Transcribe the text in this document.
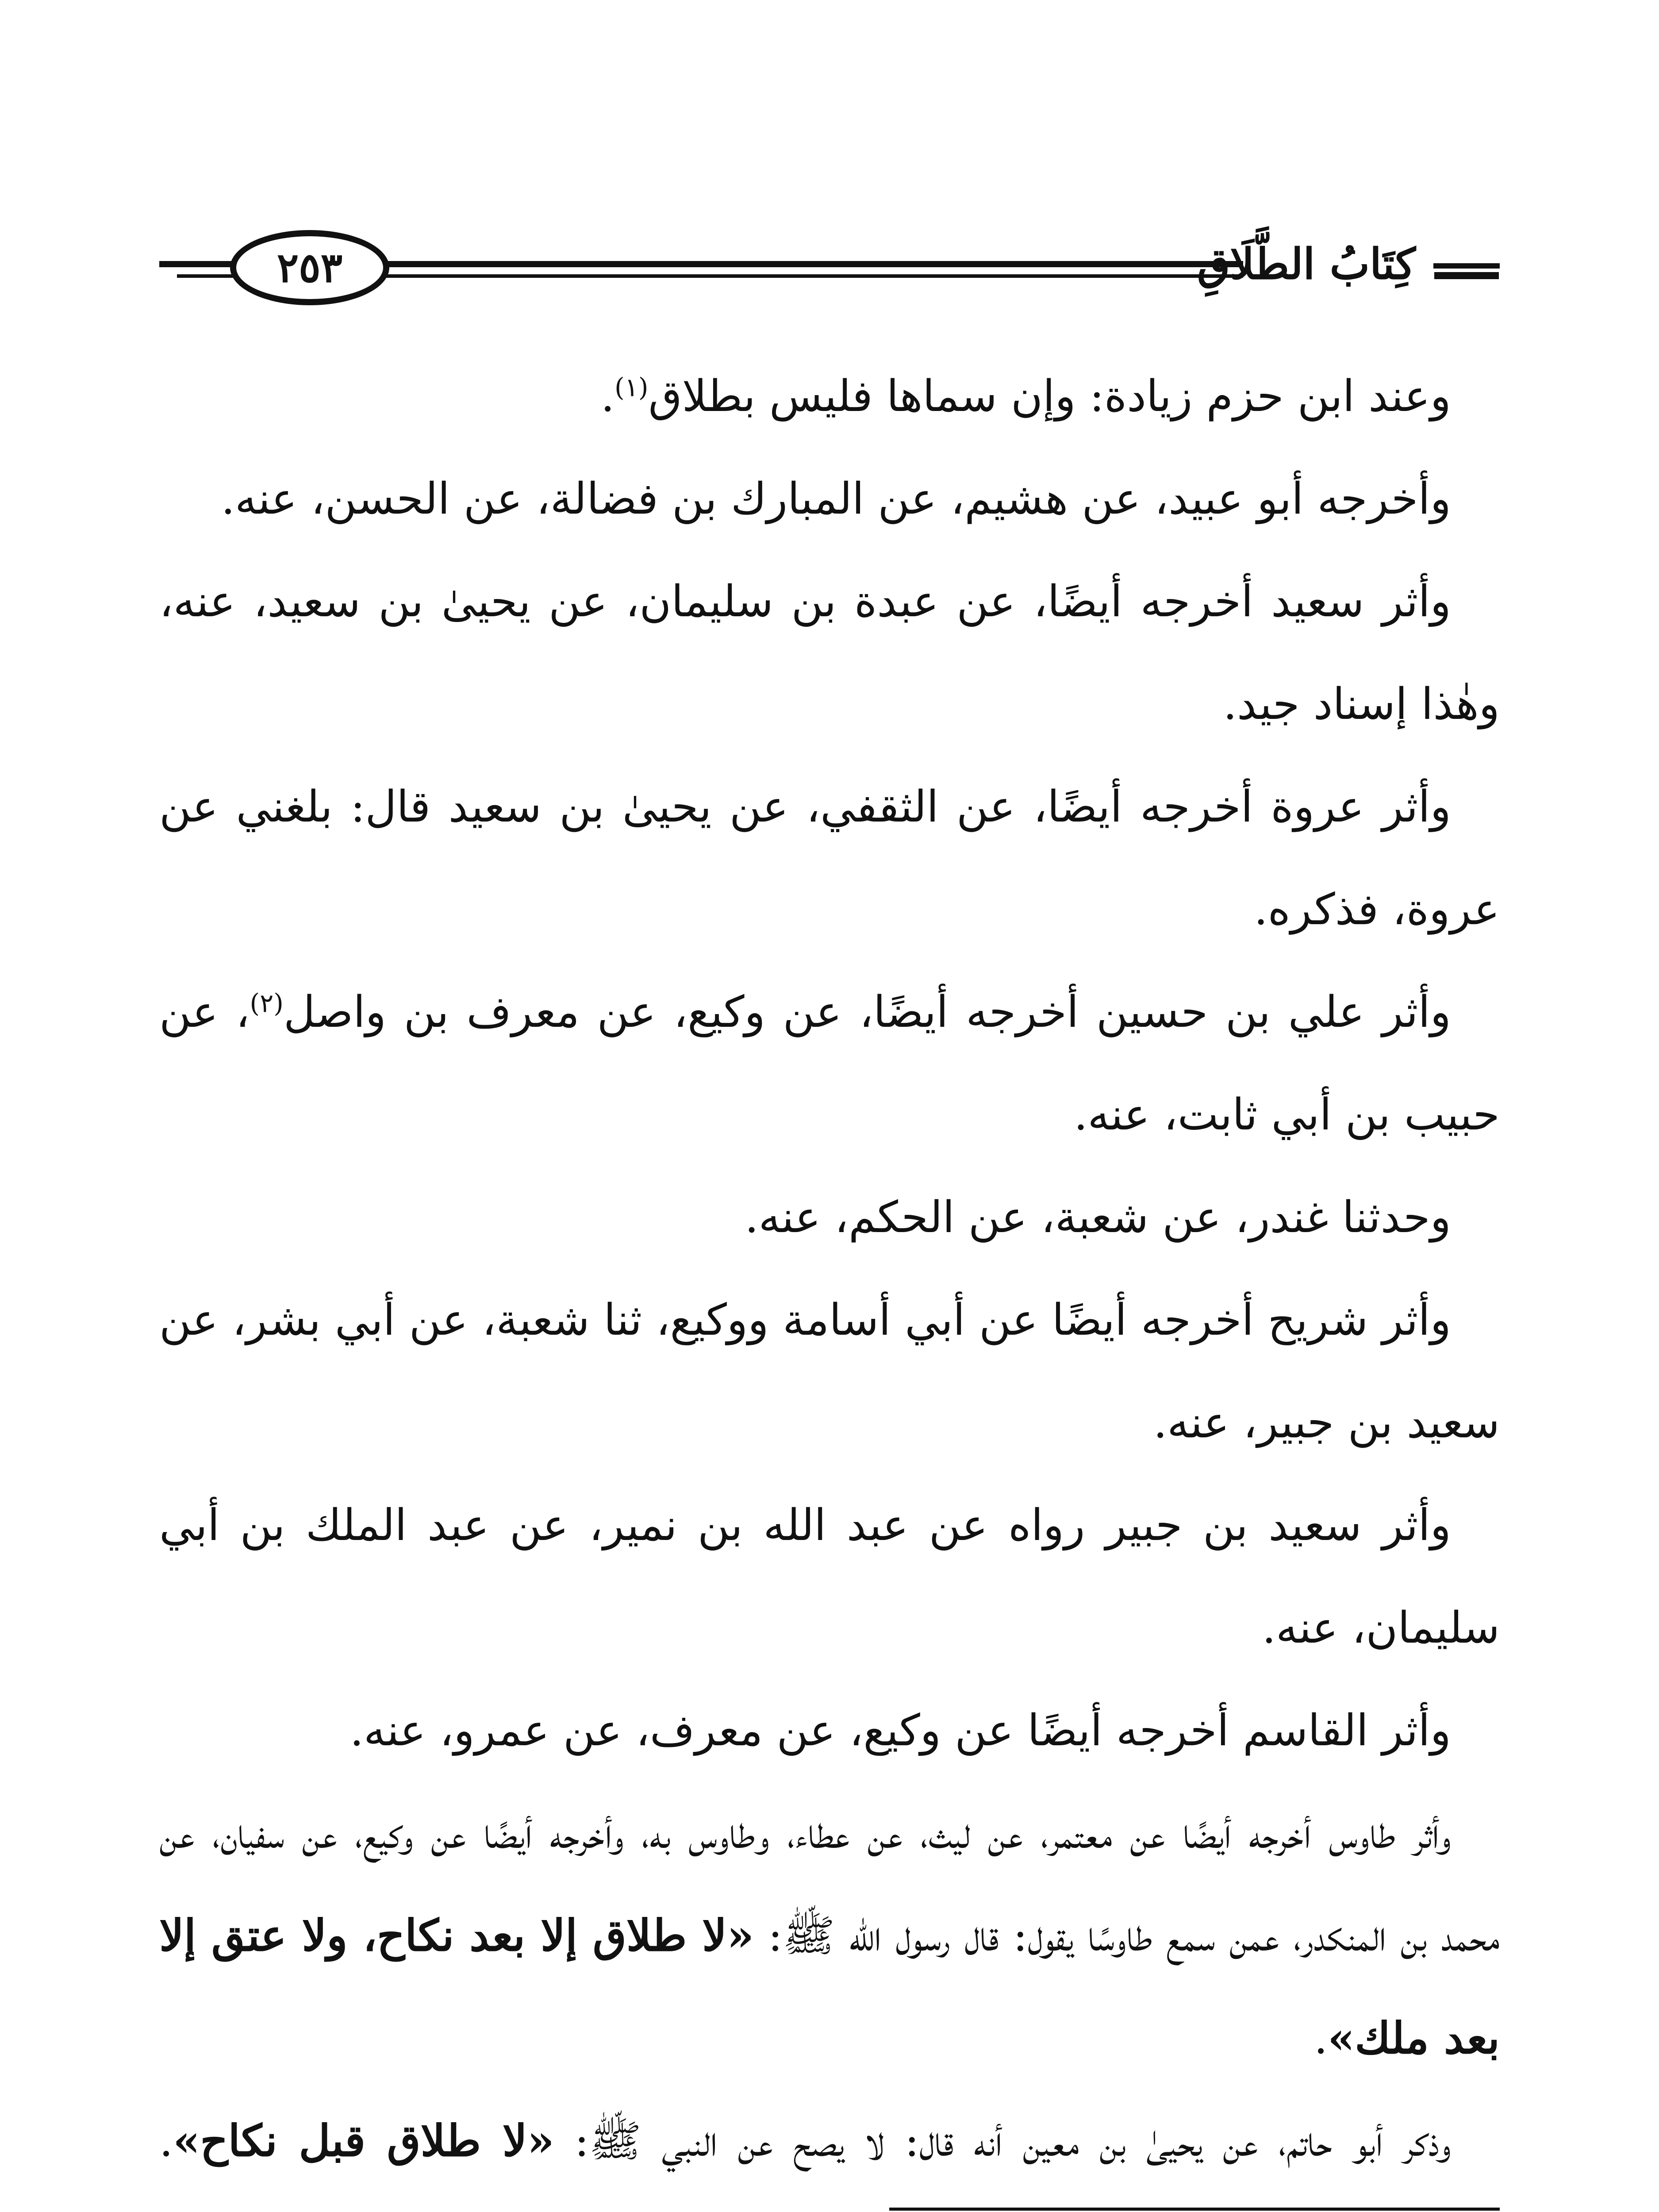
٢٥٣	كِتَابُ الطَّلَاقِ

وعند ابن حزم زيادة: وإن سماها فليس بطلاق$^{(١)}$.

وأخرجه أبو عبيد، عن هشيم، عن المبارك بن فضالة، عن الحسن، عنه.

وأثر سعيد أخرجه أيضًا، عن عبدة بن سليمان، عن يحيىٰ بن سعيد، عنه، وهٰذا إسناد جيد.

وأثر عروة أخرجه أيضًا، عن الثقفي، عن يحيىٰ بن سعيد قال: بلغني عن عروة، فذكره.

وأثر علي بن حسين أخرجه أيضًا، عن وكيع، عن معرف بن واصل$^{(٢)}$، عن حبيب بن أبي ثابت، عنه.

وحدثنا غندر، عن شعبة، عن الحكم، عنه.

وأثر شريح أخرجه أيضًا عن أبي أسامة ووكيع، ثنا شعبة، عن أبي بشر، عن سعيد بن جبير، عنه.

وأثر سعيد بن جبير رواه عن عبد الله بن نمير، عن عبد الملك بن أبي سليمان، عنه.

وأثر القاسم أخرجه أيضًا عن وكيع، عن معرف، عن عمرو، عنه.

وأثر طاوس أخرجه أيضًا عن معتمر، عن ليث، عن عطاء، وطاوس به، وأخرجه أيضًا عن وكيع، عن سفيان، عن محمد بن المنكدر، عمن سمع طاوسًا يقول: قال رسول الله ﷺ: «لا طلاق إلا بعد نكاح، ولا عتق إلا بعد ملك».

وذكر أبو حاتم، عن يحيىٰ بن معين أنه قال: لا يصح عن النبي ﷺ: «لا طلاق قبل نكاح».
